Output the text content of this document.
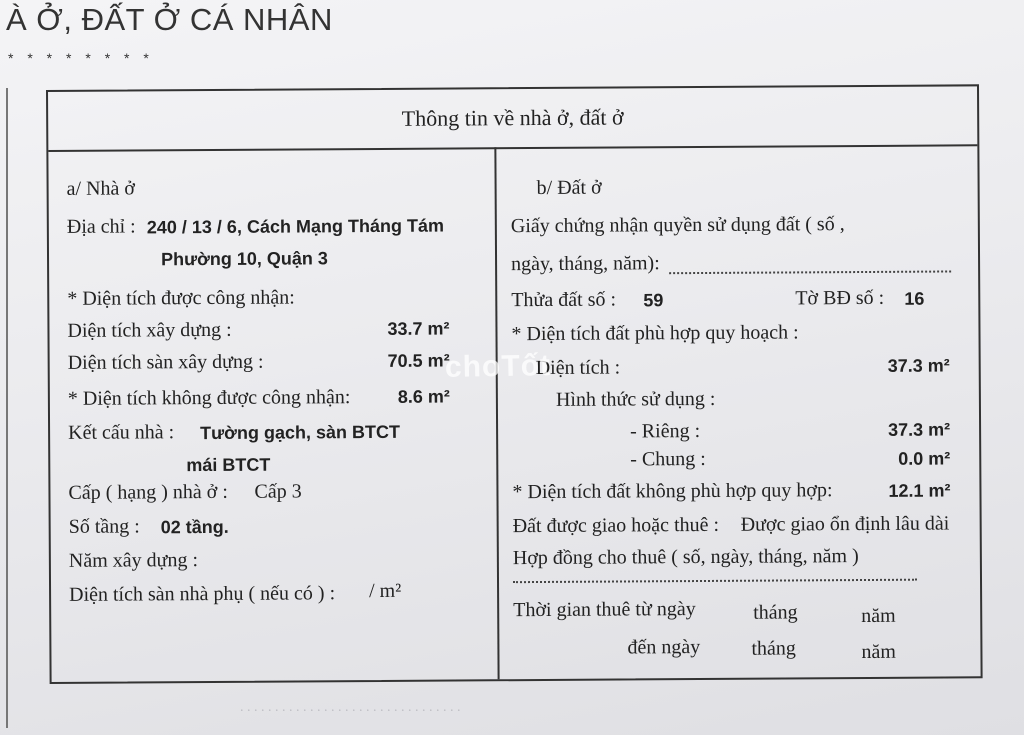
À Ở, ĐẤT Ở CÁ NHÂN
* * * * * * * *
. . . . . . . . . . . . . . . . . . . . . . . . . . . . . . . .
Thông tin về nhà ở, đất ở
a/ Nhà ở
Địa chỉ : 240 / 13 / 6, Cách Mạng Tháng Tám
Phường 10, Quận 3
* Diện tích được công nhận:
Diện tích xây dựng :	33.7 m²
Diện tích sàn xây dựng :	70.5 m²
* Diện tích không được công nhận:	8.6 m²
Kết cấu nhà : Tường gạch, sàn BTCT
mái BTCT
Cấp ( hạng ) nhà ở : Cấp 3
Số tầng : 02 tầng.
Năm xây dựng :
Diện tích sàn nhà phụ ( nếu có ) : / m²
b/ Đất ở
Giấy chứng nhận quyền sử dụng đất ( số ,
ngày, tháng, năm):
Thửa đất số : 59	Tờ BĐ số : 16
* Diện tích đất phù hợp quy hoạch :
Diện tích :	37.3 m²
Hình thức sử dụng :
- Riêng :	37.3 m²
- Chung :	0.0 m²
* Diện tích đất không phù hợp quy hợp:	12.1 m²
Đất được giao hoặc thuê : Được giao ổn định lâu dài
Hợp đồng cho thuê ( số, ngày, tháng, năm )
Thời gian thuê từ ngày	tháng	năm
đến ngày	tháng	năm
choTốt
